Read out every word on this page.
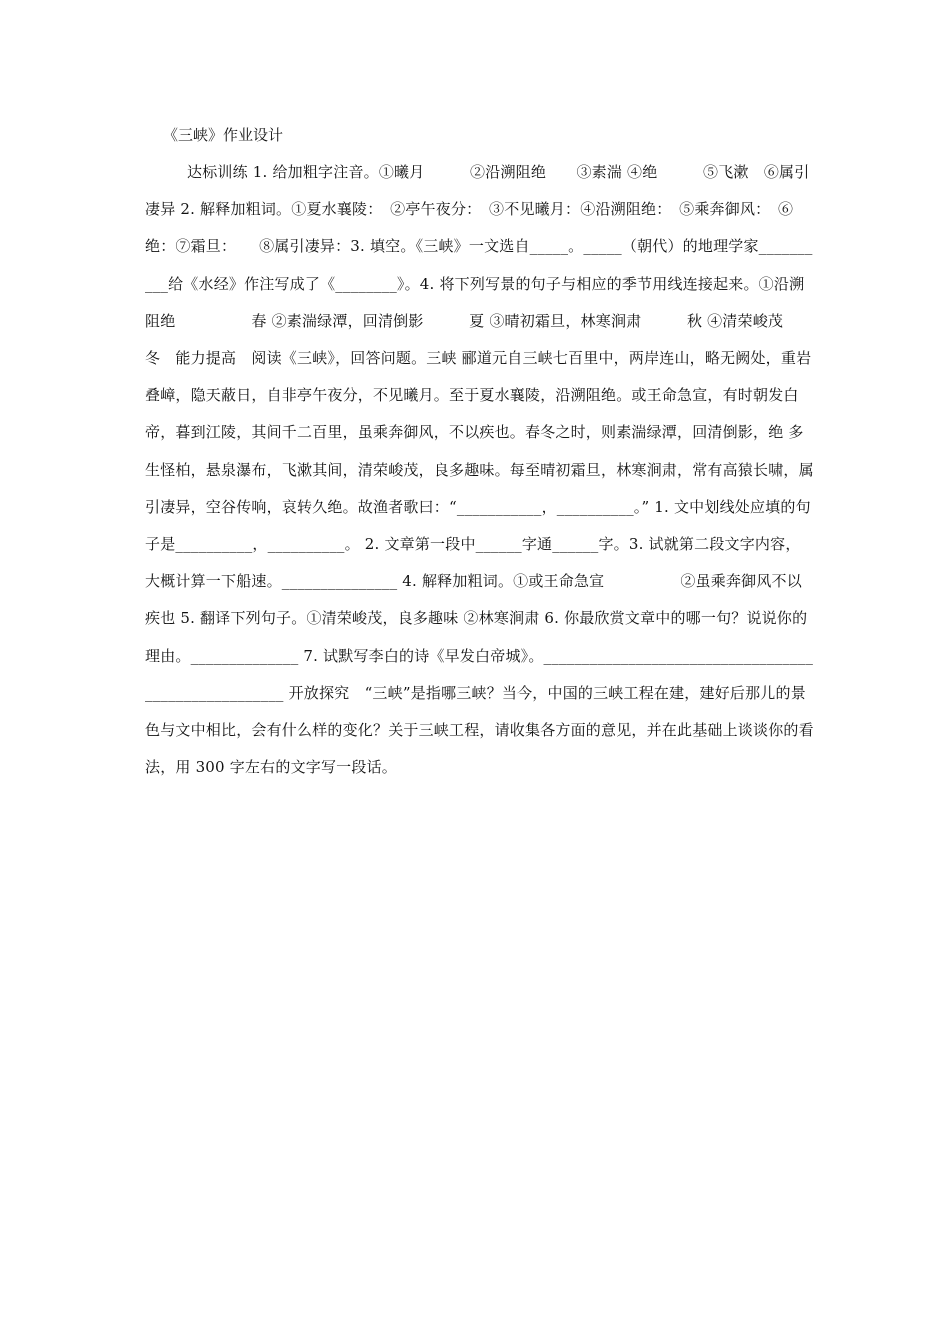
《三峡》作业设计

达标训练 1. 给加粗字注音。①曦月　　　②沿溯阻绝　　③素湍 ④绝　　　⑤飞漱　⑥属引凄异 2. 解释加粗词。①夏水襄陵：　②亭午夜分：　③不见曦月：④沿溯阻绝：　⑤乘奔御风：　⑥绝：⑦霜旦：　　⑧属引凄异：3. 填空。《三峡》一文选自_____。_____（朝代）的地理学家__________给《水经》作注写成了《________》。4. 将下列写景的句子与相应的季节用线连接起来。①沿溯阻绝　　　　　春 ②素湍绿潭，回清倒影　　　夏 ③晴初霜旦，林寒涧肃　　　秋 ④清荣峻茂　　　　　冬　能力提高　阅读《三峡》，回答问题。三峡 郦道元自三峡七百里中，两岸连山，略无阙处，重岩叠嶂，隐天蔽日，自非亭午夜分，不见曦月。至于夏水襄陵，沿溯阻绝。或王命急宣，有时朝发白帝，暮到江陵，其间千二百里，虽乘奔御风，不以疾也。春冬之时，则素湍绿潭，回清倒影，绝 多生怪柏，悬泉瀑布，飞漱其间，清荣峻茂，良多趣味。每至晴初霜旦，林寒涧肃，常有高猿长啸，属引凄异，空谷传响，哀转久绝。故渔者歌曰：“___________，__________。” 1. 文中划线处应填的句子是__________，__________。 2. 文章第一段中______字通______字。3. 试就第二段文字内容，大概计算一下船速。_______________ 4. 解释加粗词。①或王命急宣　　　　　②虽乘奔御风不以疾也 5. 翻译下列句子。①清荣峻茂，良多趣味 ②林寒涧肃 6. 你最欣赏文章中的哪一句？说说你的理由。______________ 7. 试默写李白的诗《早发白帝城》。_____________________________________________________ 开放探究　“三峡”是指哪三峡？当今，中国的三峡工程在建，建好后那儿的景色与文中相比，会有什么样的变化？关于三峡工程，请收集各方面的意见，并在此基础上谈谈你的看法，用 300 字左右的文字写一段话。
